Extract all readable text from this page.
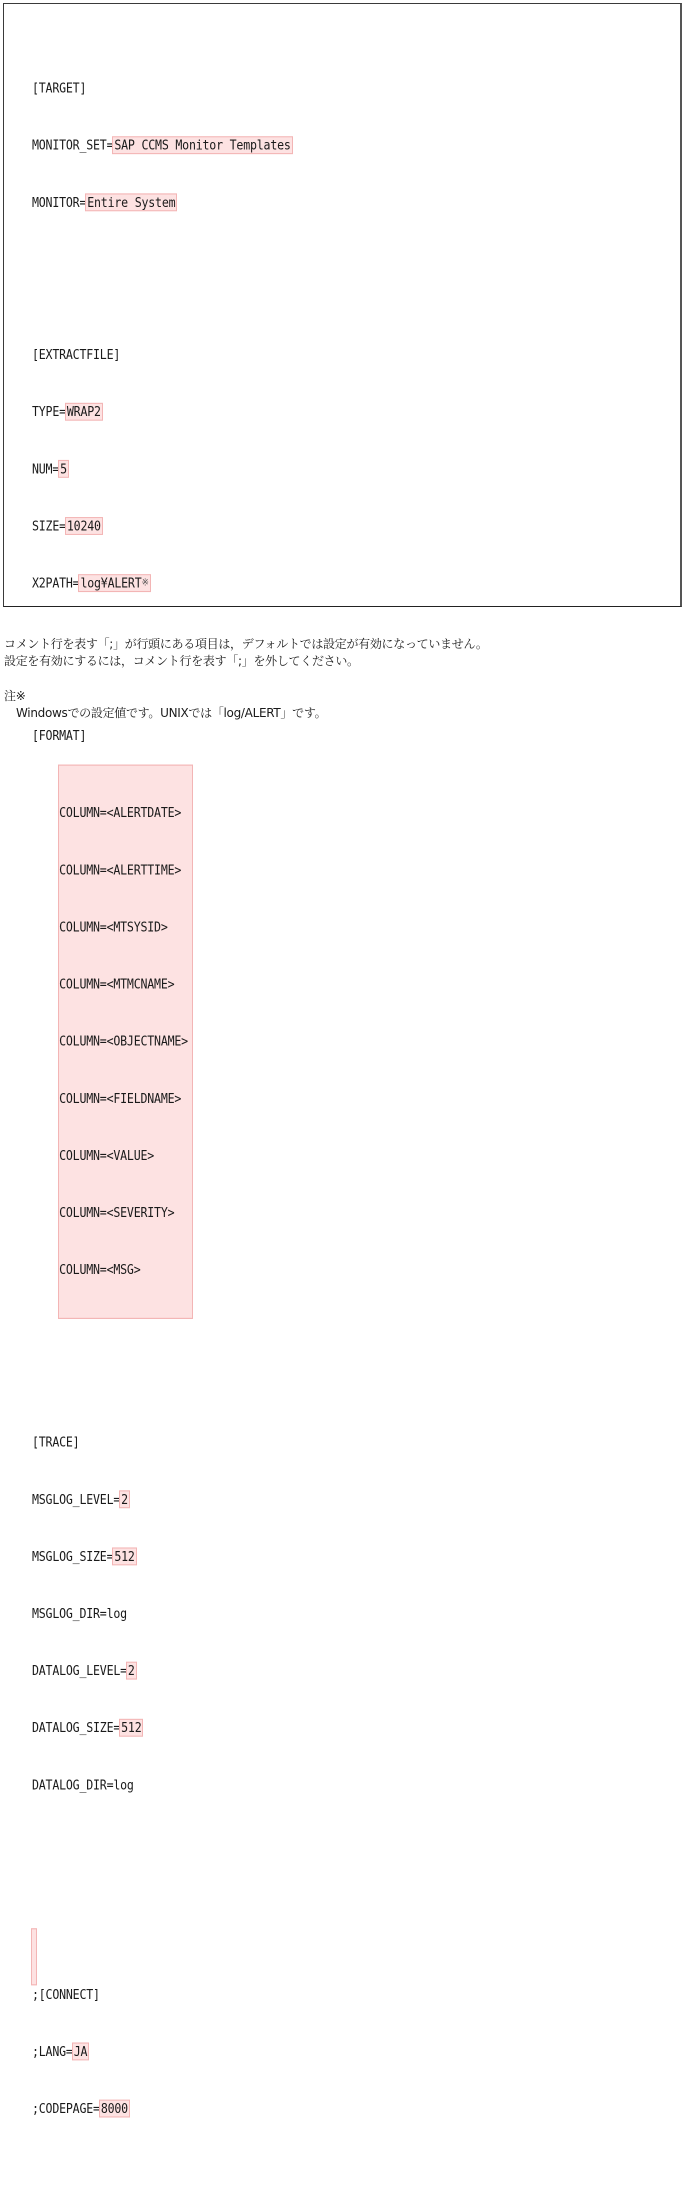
[TARGET]

MONITOR_SET=SAP CCMS Monitor Templates

MONITOR=Entire System

[EXTRACTFILE]

TYPE=WRAP2

NUM=5

SIZE=10240

X2PATH=log¥ALERT※

[FORMAT]

COLUMN=<ALERTDATE>

COLUMN=<ALERTTIME>

COLUMN=<MTSYSID>

COLUMN=<MTMCNAME>

COLUMN=<OBJECTNAME>

COLUMN=<FIELDNAME>

COLUMN=<VALUE>

COLUMN=<SEVERITY>

COLUMN=<MSG>

[TRACE]

MSGLOG_LEVEL=2

MSGLOG_SIZE=512

MSGLOG_DIR=log

DATALOG_LEVEL=2

DATALOG_SIZE=512

DATALOG_DIR=log

;[CONNECT]

;LANG=JA

;CODEPAGE=8000

コメント行を表す「;」が行頭にある項目は，デフォルトでは設定が有効になっていません。

設定を有効にするには，コメント行を表す「;」を外してください。

注※

Windowsでの設定値です。UNIXでは「log/ALERT」です。
